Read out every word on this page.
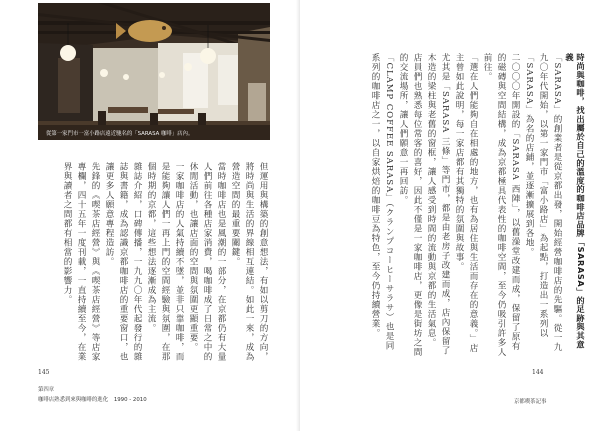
從第一家門市一富小路店遠近馳名的「SARASA 咖啡」店內。

但運用與構築的創意想法，有如以剪刀的方向，將時尚與生活的界線相互連結。如此一來，成為營造空間的最重要關鍵。

當時咖啡店也是風潮的一部分，在京都仍有大量人們前往各種店家消費，喝咖啡成了日常之中的休閒活動，也讓店面的空間與氛圍更顯重要。

一家咖啡店的人氣持續不墜，並非只靠咖啡，而是能夠讓人們一再上門的空間經驗與氛圍，在那個時期的京都，這些想法逐漸成為主流。

雜誌介紹，口碑傳播，一九九〇年代起發行的雜誌與書籍，成為認識京都咖啡店的重要窗口，也讓更多人願意專程造訪。

先鋒的《喫茶店經營》與《喫茶店經營》等店家專欄，四十五年一度刊載，一直持續至今，在業界與讀者之間都有相當的影響力。

145
第四章
咖啡店熟悉到來與咖啡的進化 1990 - 2010
時尚與咖啡，找出屬於自己的溫度的咖啡店品牌「SARASA」的足跡與其意義

「SARASA」的創業者是從京都出發，開始經營咖啡店的先驅。從一九九〇年代開始，以第一家門市「富小路店」為起點，打造出一系列以「SARASA」為名的店鋪，並逐漸擴展到各地。

二〇〇〇年開設的「SARASA 西陣」，以舊澡堂改建而成，保留了原有的磁磚與空間結構，成為京都極具代表性的咖啡空間，至今仍吸引許多人前往。

「選在人們能夠自在相處的地方，也有為居住與生活而存在的意義。」店主曾如此說明，每一家店都有其獨特的氛圍與故事。

尤其是「SARASA 三條」等門市，都是由老房子改建而成，店內保留了木造的梁柱與老舊的窗框，讓人感受到時間的流動與京都的生活氣息。

店員們也熟悉每位常客的喜好，因此不僅是一家咖啡店，更像是街坊之間的交流場所，讓人們願意一再回訪。

「CLAMP COFFEE SARASA」（クランプコーヒーサラサ）也是同系列的咖啡店之一，以自家烘焙的咖啡豆為特色，至今仍持續營業。

144
京都喫茶記事
